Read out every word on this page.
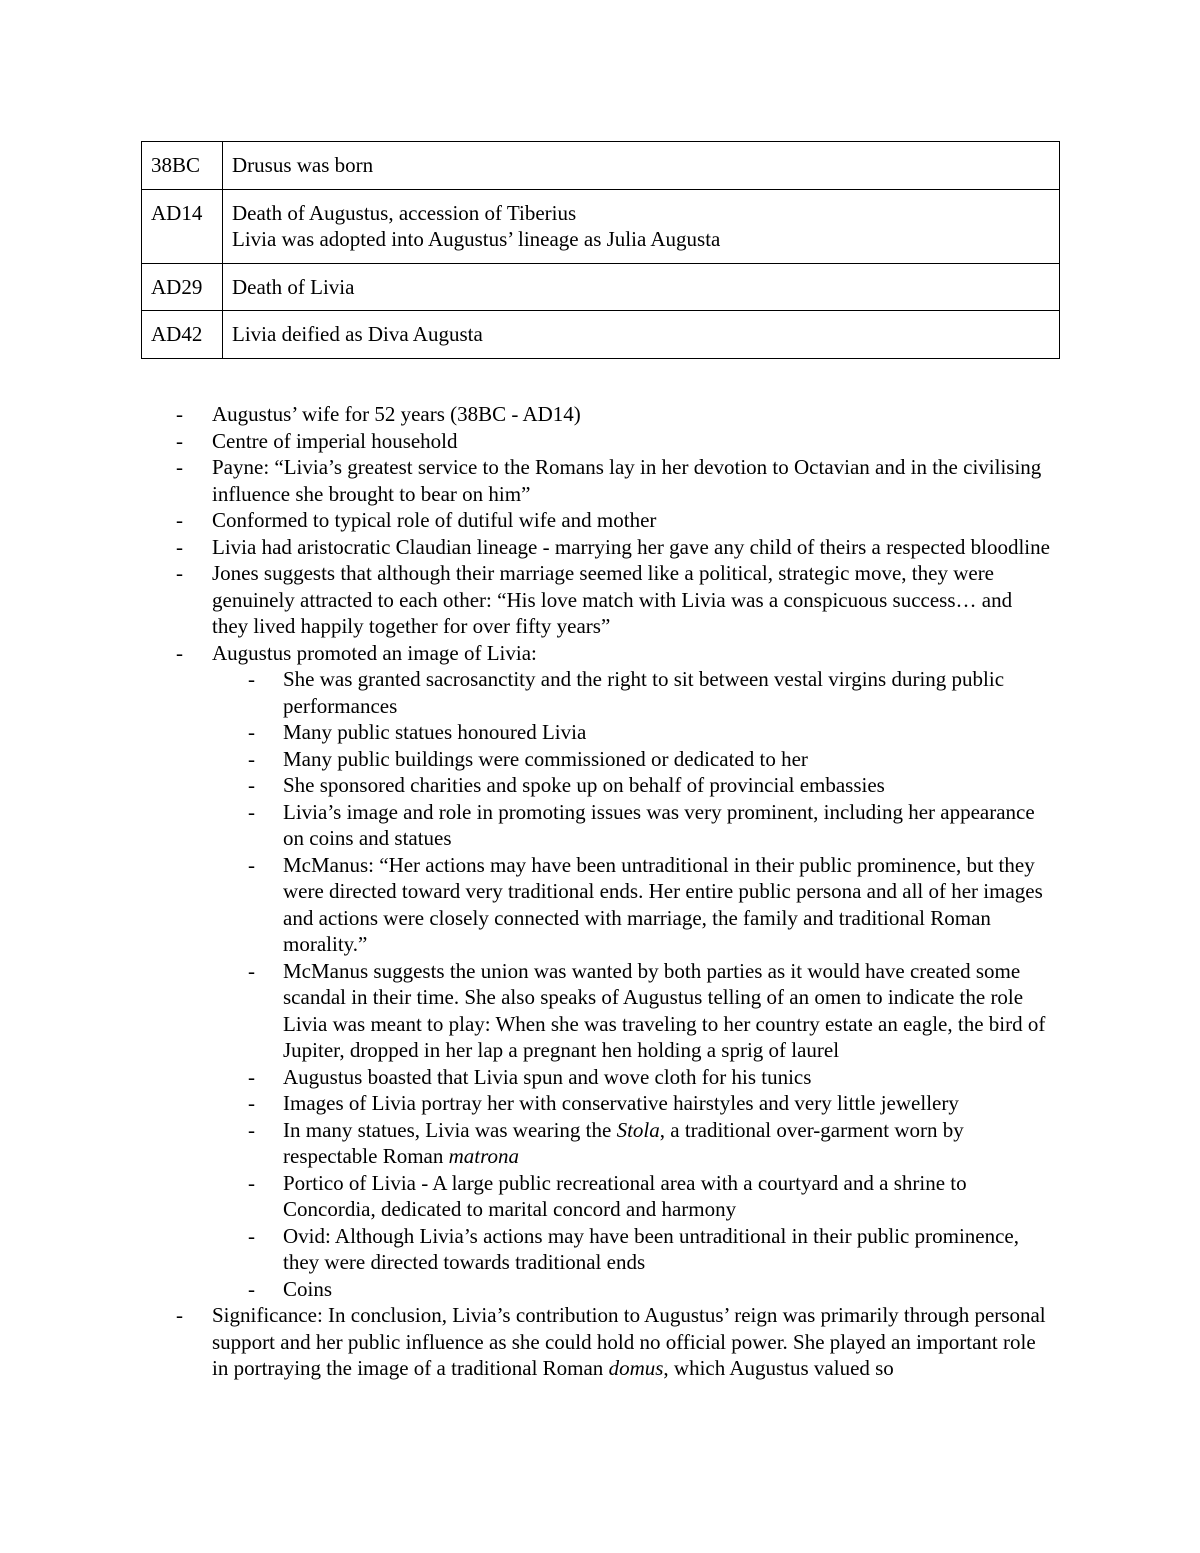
38BC	Drusus was born

AD14	Death of Augustus, accession of Tiberius
Livia was adopted into Augustus’ lineage as Julia Augusta

AD29	Death of Livia

AD42	Livia deified as Diva Augusta
- Augustus’ wife for 52 years (38BC - AD14)
- Centre of imperial household
- Payne: “Livia’s greatest service to the Romans lay in her devotion to Octavian and in the civilising influence she brought to bear on him”
- Conformed to typical role of dutiful wife and mother
- Livia had aristocratic Claudian lineage - marrying her gave any child of theirs a respected bloodline
- Jones suggests that although their marriage seemed like a political, strategic move, they were genuinely attracted to each other: “His love match with Livia was a conspicuous success… and they lived happily together for over fifty years”
- Augustus promoted an image of Livia:
- She was granted sacrosanctity and the right to sit between vestal virgins during public performances
- Many public statues honoured Livia
- Many public buildings were commissioned or dedicated to her
- She sponsored charities and spoke up on behalf of provincial embassies
- Livia’s image and role in promoting issues was very prominent, including her appearance on coins and statues
- McManus: “Her actions may have been untraditional in their public prominence, but they were directed toward very traditional ends. Her entire public persona and all of her images and actions were closely connected with marriage, the family and traditional Roman morality.”
- McManus suggests the union was wanted by both parties as it would have created some scandal in their time. She also speaks of Augustus telling of an omen to indicate the role Livia was meant to play: When she was traveling to her country estate an eagle, the bird of Jupiter, dropped in her lap a pregnant hen holding a sprig of laurel
- Augustus boasted that Livia spun and wove cloth for his tunics
- Images of Livia portray her with conservative hairstyles and very little jewellery
- In many statues, Livia was wearing the Stola, a traditional over-garment worn by respectable Roman matrona
- Portico of Livia - A large public recreational area with a courtyard and a shrine to Concordia, dedicated to marital concord and harmony
- Ovid: Although Livia’s actions may have been untraditional in their public prominence, they were directed towards traditional ends
- Coins
- Significance: In conclusion, Livia’s contribution to Augustus’ reign was primarily through personal support and her public influence as she could hold no official power. She played an important role in portraying the image of a traditional Roman domus, which Augustus valued so
